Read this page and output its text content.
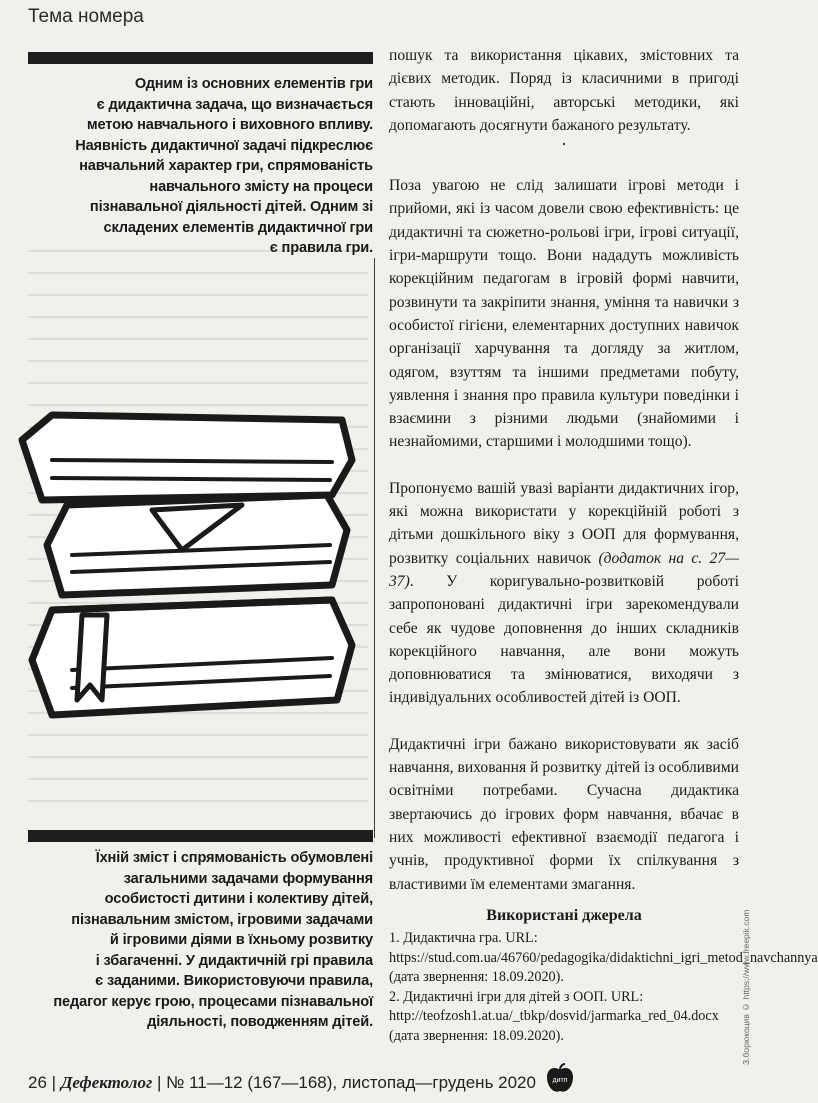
Тема номера
Одним із основних елементів гри
є дидактична задача, що визначається
метою навчального і виховного впливу.
Наявність дидактичної задачі підкреслює
навчальний характер гри, спрямованість
навчального змісту на процеси
пізнавальної діяльності дітей. Одним зі
складених елементів дидактичної гри
є правила гри.
Їхній зміст і спрямованість обумовлені
загальними задачами формування
особистості дитини і колективу дітей,
пізнавальним змістом, ігровими задачами
й ігровими діями в їхньому розвитку
і збагаченні. У дидактичній грі правила
є заданими. Використовуючи правила,
педагог керує грою, процесами пізнавальної
діяльності, поводженням дітей.

пошук та використання цікавих, змістовних та дієвих методик. Поряд із класичними в пригоді стають інноваційні, авторські методики, які допомагають досягнути бажаного результату.

·

Поза увагою не слід залишати ігрові методи і прийоми, які із часом довели свою ефективність: це дидактичні та сюжетно-рольові ігри, ігрові ситуації, ігри-маршрути тощо. Вони нададуть можливість корекційним педагогам в ігровій формі навчити, розвинути та закріпити знання, уміння та навички з особистої гігієни, елементарних доступних навичок організації харчування та догляду за житлом, одягом, взуттям та іншими предметами побуту, уявлення і знання про правила культури поведінки і взаємини з різними людьми (знайомими і незнайомими, старшими і молодшими тощо).

Пропонуємо вашій увазі варіанти дидактичних ігор, які можна використати у корекційній роботі з дітьми дошкільного віку з ООП для формування, розвитку соціальних навичок (додаток на с. 27—37). У коригувально-розвитковій роботі запропоновані дидактичні ігри зарекомендували себе як чудове доповнення до інших складників корекційного навчання, але вони можуть доповнюватися та змінюватися, виходячи з індивідуальних особливостей дітей із ООП.

Дидактичні ігри бажано використовувати як засіб навчання, виховання й розвитку дітей із особливими освітніми потребами. Сучасна дидактика звертаючись до ігрових форм навчання, вбачає в них можливості ефективної взаємодії педагога і учнів, продуктивної форми їх спілкування з властивими їм елементами змагання.

Використані джерела

1. Дидактична гра. URL: https://stud.com.ua/46760/pedagogika/didaktichni_igri_metod_navchannya (дата звернення: 18.09.2020).

2. Дидактичні ігри для дітей з ООП. URL: http://teofzosh1.at.ua/_tbkp/dosvid/jarmarka_red_04.docx (дата звернення: 18.09.2020).	З.борюкоцив © https://www.freepik.com
26 | Дефектолог | № 11—12 (167—168), листопад—грудень 2020 дитп
